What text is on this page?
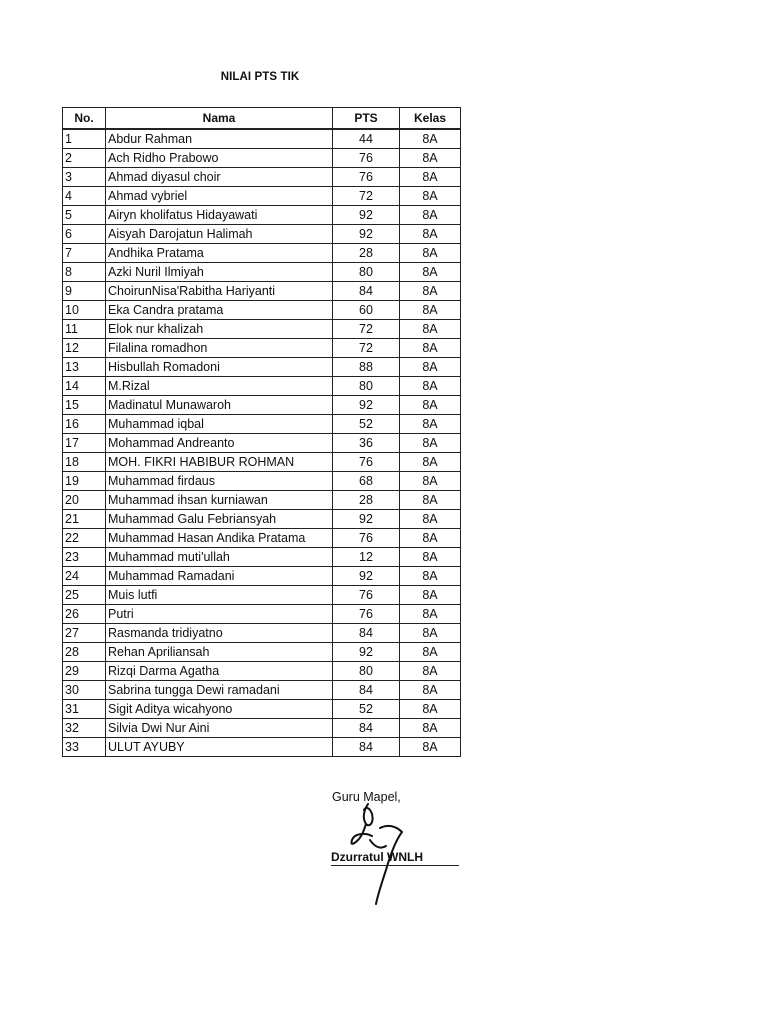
NILAI PTS TIK
No.	Nama	PTS	Kelas
1	Abdur Rahman	44	8A
2	Ach Ridho Prabowo	76	8A
3	Ahmad diyasul choir	76	8A
4	Ahmad vybriel	72	8A
5	Airyn kholifatus Hidayawati	92	8A
6	Aisyah Darojatun Halimah	92	8A
7	Andhika Pratama	28	8A
8	Azki Nuril Ilmiyah	80	8A
9	ChoirunNisa'Rabitha Hariyanti	84	8A
10	Eka Candra pratama	60	8A
11	Elok nur khalizah	72	8A
12	Filalina romadhon	72	8A
13	Hisbullah Romadoni	88	8A
14	M.Rizal	80	8A
15	Madinatul Munawaroh	92	8A
16	Muhammad iqbal	52	8A
17	Mohammad Andreanto	36	8A
18	MOH. FIKRI HABIBUR ROHMAN	76	8A
19	Muhammad firdaus	68	8A
20	Muhammad ihsan kurniawan	28	8A
21	Muhammad Galu Febriansyah	92	8A
22	Muhammad Hasan Andika Pratama	76	8A
23	Muhammad muti'ullah	12	8A
24	Muhammad Ramadani	92	8A
25	Muis lutfi	76	8A
26	Putri	76	8A
27	Rasmanda tridiyatno	84	8A
28	Rehan Apriliansah	92	8A
29	Rizqi Darma Agatha	80	8A
30	Sabrina tungga Dewi ramadani	84	8A
31	Sigit Aditya wicahyono	52	8A
32	Silvia Dwi Nur Aini	84	8A
33	ULUT AYUBY	84	8A
Guru Mapel,
Dzurratul WNLH
